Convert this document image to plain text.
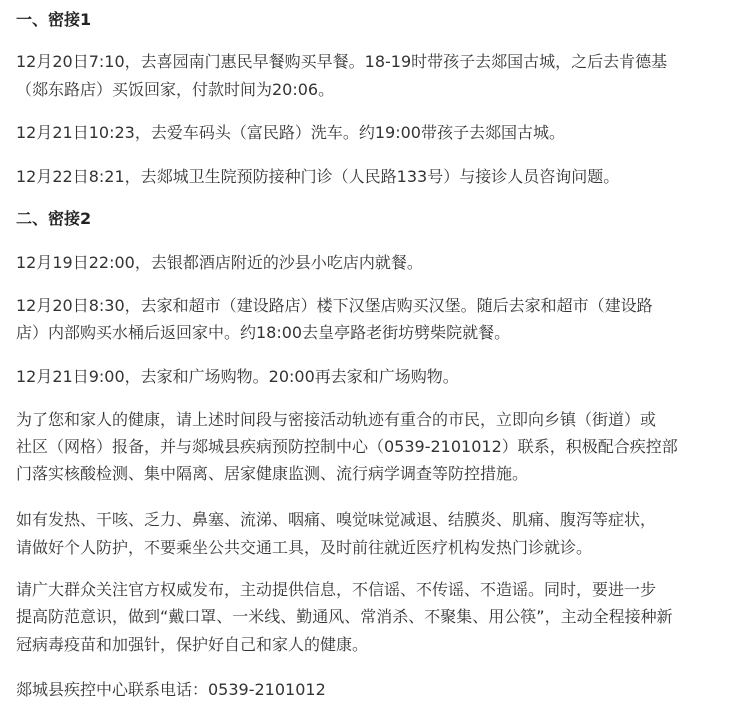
一、密接1
12月20日7:10，去喜园南门惠民早餐购买早餐。18-19时带孩子去郯国古城，之后去肯德基
（郯东路店）买饭回家，付款时间为20:06。
12月21日10:23，去爱车码头（富民路）洗车。约19:00带孩子去郯国古城。
12月22日8:21，去郯城卫生院预防接种门诊（人民路133号）与接诊人员咨询问题。
二、密接2
12月19日22:00，去银都酒店附近的沙县小吃店内就餐。
12月20日8:30，去家和超市（建设路店）楼下汉堡店购买汉堡。随后去家和超市（建设路
店）内部购买水桶后返回家中。约18:00去皇亭路老街坊劈柴院就餐。
12月21日9:00，去家和广场购物。20:00再去家和广场购物。
为了您和家人的健康，请上述时间段与密接活动轨迹有重合的市民，立即向乡镇（街道）或
社区（网格）报备，并与郯城县疾病预防控制中心（0539-2101012）联系，积极配合疾控部
门落实核酸检测、集中隔离、居家健康监测、流行病学调查等防控措施。
如有发热、干咳、乏力、鼻塞、流涕、咽痛、嗅觉味觉减退、结膜炎、肌痛、腹泻等症状，
请做好个人防护，不要乘坐公共交通工具，及时前往就近医疗机构发热门诊就诊。
请广大群众关注官方权威发布，主动提供信息，不信谣、不传谣、不造谣。同时，要进一步
提高防范意识，做到“戴口罩、一米线、勤通风、常消杀、不聚集、用公筷”，主动全程接种新
冠病毒疫苗和加强针，保护好自己和家人的健康。
郯城县疾控中心联系电话：0539-2101012
